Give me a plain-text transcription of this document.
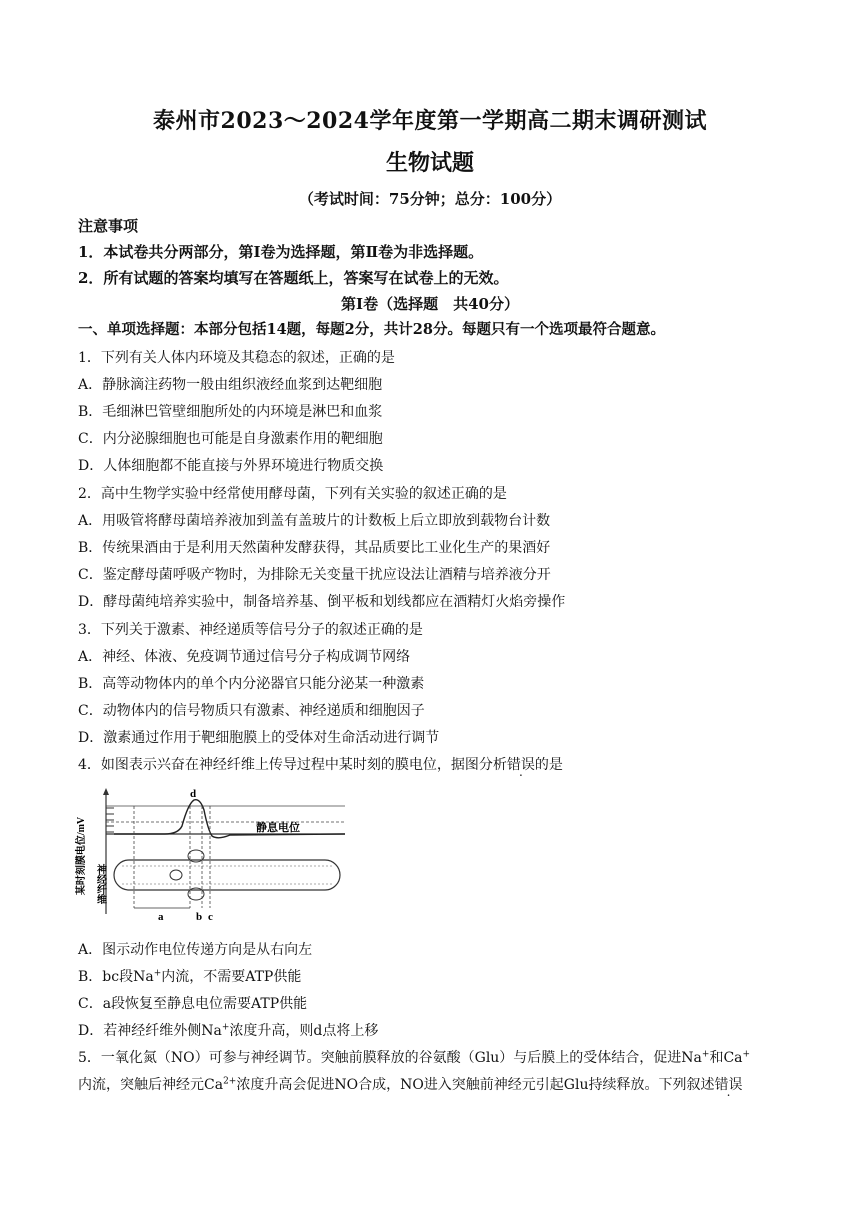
泰州市2023～2024学年度第一学期高二期末调研测试
生物试题
（考试时间：75分钟；总分：100分）
注意事项
1．本试卷共分两部分，第Ⅰ卷为选择题，第Ⅱ卷为非选择题。
2．所有试题的答案均填写在答题纸上，答案写在试卷上的无效。
第Ⅰ卷（选择题　共40分）
一、单项选择题：本部分包括14题，每题2分，共计28分。每题只有一个选项最符合题意。
1．下列有关人体内环境及其稳态的叙述，正确的是
A．静脉滴注药物一般由组织液经血浆到达靶细胞
B．毛细淋巴管壁细胞所处的内环境是淋巴和血浆
C．内分泌腺细胞也可能是自身激素作用的靶细胞
D．人体细胞都不能直接与外界环境进行物质交换
2．高中生物学实验中经常使用酵母菌，下列有关实验的叙述正确的是
A．用吸管将酵母菌培养液加到盖有盖玻片的计数板上后立即放到载物台计数
B．传统果酒由于是利用天然菌种发酵获得，其品质要比工业化生产的果酒好
C．鉴定酵母菌呼吸产物时，为排除无关变量干扰应设法让酒精与培养液分开
D．酵母菌纯培养实验中，制备培养基、倒平板和划线都应在酒精灯火焰旁操作
3．下列关于激素、神经递质等信号分子的叙述正确的是
A．神经、体液、免疫调节通过信号分子构成调节网络
B．高等动物体内的单个内分泌器官只能分泌某一种激素
C．动物体内的信号物质只有激素、神经递质和细胞因子
D．激素通过作用于靶细胞膜上的受体对生命活动进行调节
4．如图表示兴奋在神经纤维上传导过程中某时刻的膜电位，据图分析错误的是
某时刻膜电位/mV	静息电位
d
神经纤维
a	b c
A．图示动作电位传递方向是从右向左
B．bc段Na+内流，不需要ATP供能
C．a段恢复至静息电位需要ATP供能
D．若神经纤维外侧Na+浓度升高，则d点将上移
5．一氧化氮（NO）可参与神经调节。突触前膜释放的谷氨酸（Glu）与后膜上的受体结合，促进Na+和Ca+
内流，突触后神经元$Ca^{2+}$浓度升高会促进NO合成，NO进入突触前神经元引起Glu持续释放。下列叙述错误
